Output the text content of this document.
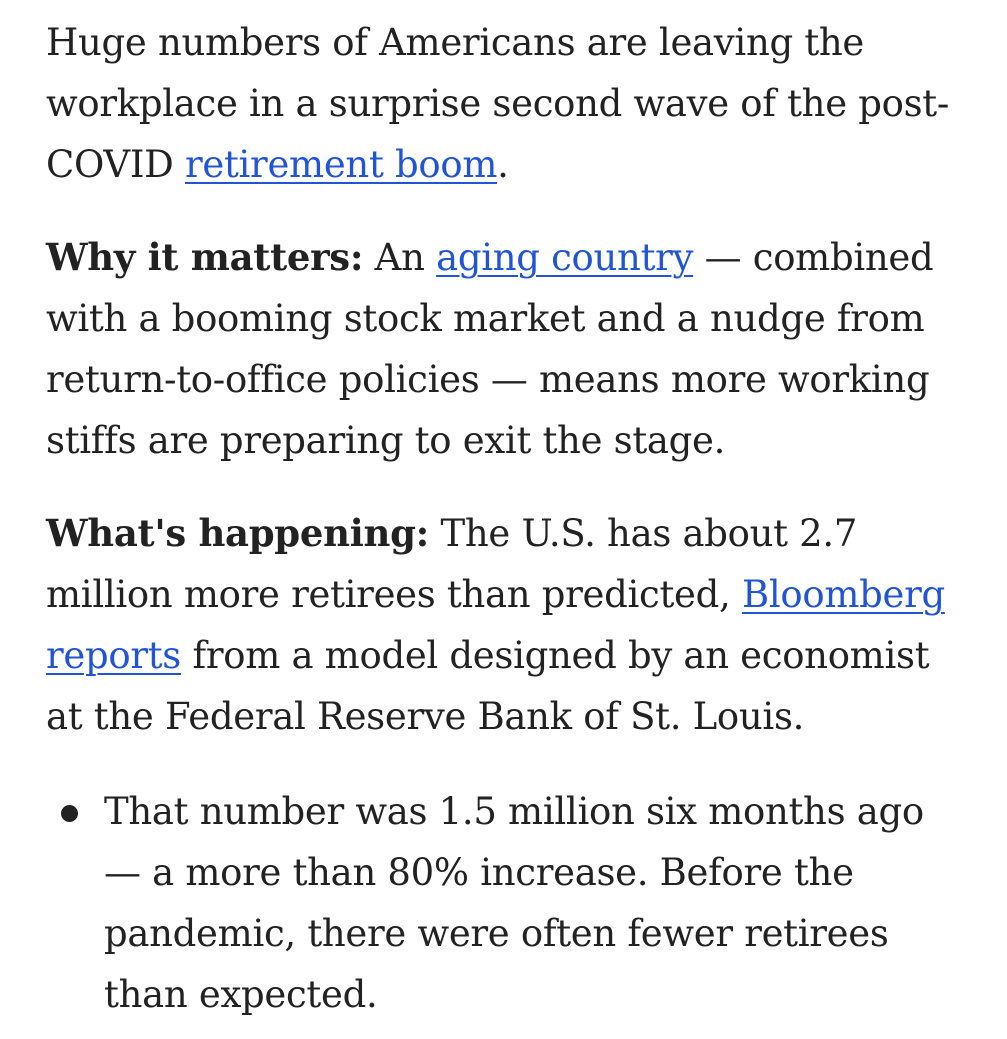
Huge numbers of Americans are leaving the workplace in a surprise second wave of the post-COVID retirement boom.

Why it matters: An aging country — combined with a booming stock market and a nudge from return-to-office policies — means more working stiffs are preparing to exit the stage.

What's happening: The U.S. has about 2.7 million more retirees than predicted, Bloomberg reports from a model designed by an economist at the Federal Reserve Bank of St. Louis.

That number was 1.5 million six months ago — a more than 80% increase. Before the pandemic, there were often fewer retirees than expected.
